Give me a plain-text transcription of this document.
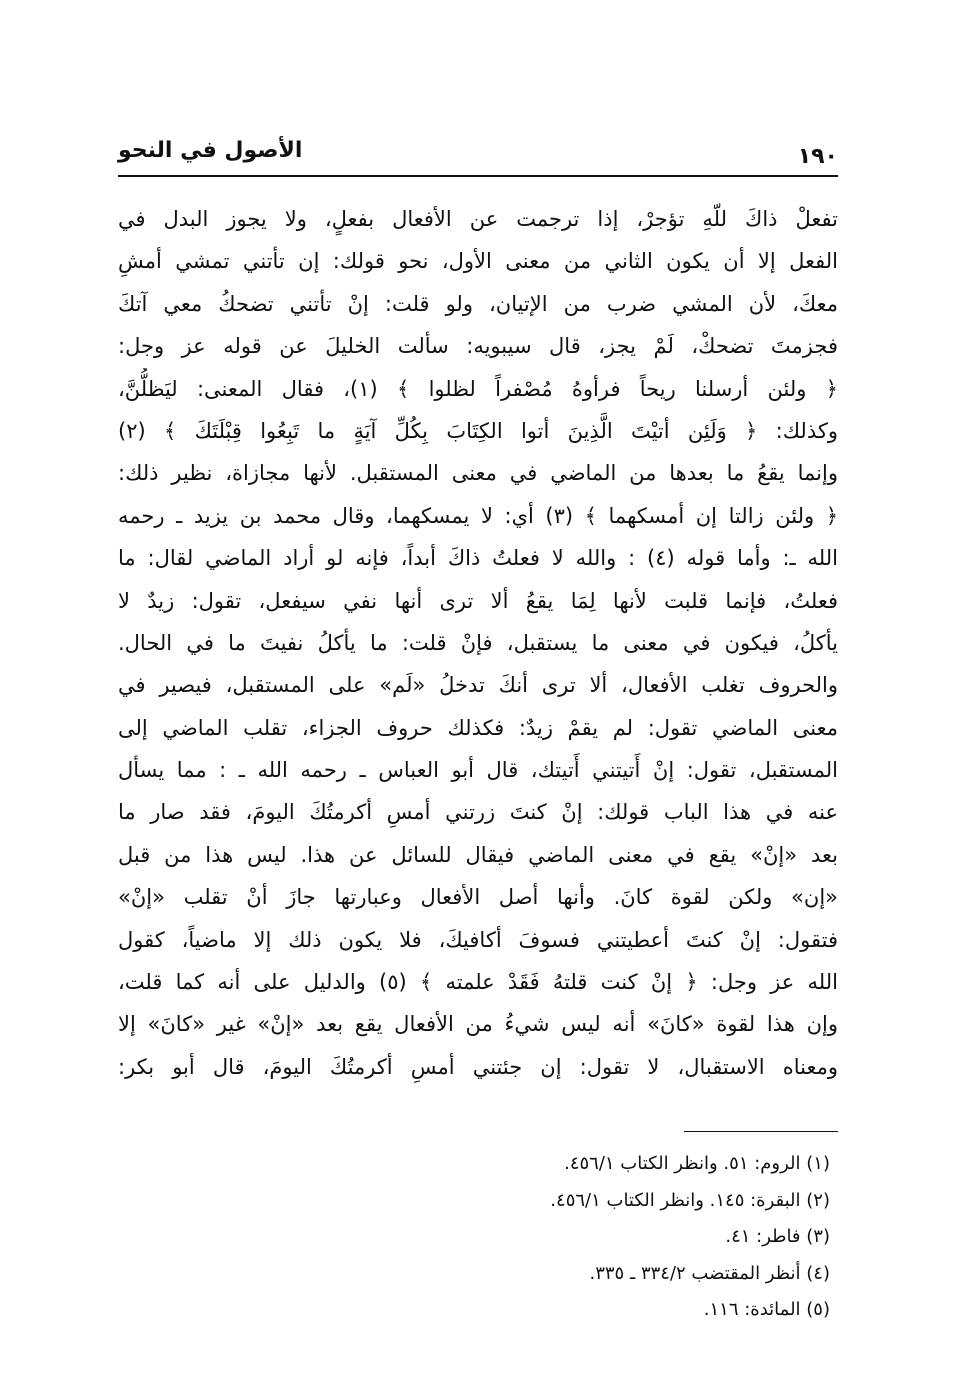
الأصول في النحو	١٩٠
تفعلْ ذاكَ للّهِ تؤجرْ، إذا ترجمت عن الأفعال بفعلٍ، ولا يجوز البدل في
الفعل إلا أن يكون الثاني من معنى الأول، نحو قولك: إن تأتني تمشي أمشِ
معكَ، لأن المشي ضرب من الإتيان، ولو قلت: إنْ تأتني تضحكُ معي آتكَ
فجزمتَ تضحكْ، لَمْ يجز، قال سيبويه: سألت الخليلَ عن قوله عز وجل:
﴿ ولئن أرسلنا ريحاً فرأوهُ مُصْفراً لظلوا ﴾ (١)، فقال المعنى: ليَظلُّنَّ،
وكذلك: ﴿ وَلَئِن أتيْتَ الَّذِينَ أتوا الكِتَابَ بِكُلِّ آيَةٍ ما تَبِعُوا قِبْلَتَكَ ﴾ (٢)
وإنما يقعُ ما بعدها من الماضي في معنى المستقبل. لأنها مجازاة، نظير ذلك:
﴿ ولئن زالتا إن أمسكهما ﴾ (٣) أي: لا يمسكهما، وقال محمد بن يزيد ـ رحمه
الله ـ: وأما قوله (٤) : والله لا فعلتُ ذاكَ أبداً، فإنه لو أراد الماضي لقال: ما
فعلتُ، فإنما قلبت لأنها لِمَا يقعُ ألا ترى أنها نفي سيفعل، تقول: زيدٌ لا
يأكلُ، فيكون في معنى ما يستقبل، فإنْ قلت: ما يأكلُ نفيتَ ما في الحال.
والحروف تغلب الأفعال، ألا ترى أنكَ تدخلُ «لَم» على المستقبل، فيصير في
معنى الماضي تقول: لم يقمْ زيدٌ: فكذلك حروف الجزاء، تقلب الماضي إلى
المستقبل، تقول: إنْ أَتيتني أَتيتك، قال أبو العباس ـ رحمه الله ـ : مما يسأل
عنه في هذا الباب قولك: إنْ كنتَ زرتني أمسِ أكرمتُكَ اليومَ، فقد صار ما
بعد «إنْ» يقع في معنى الماضي فيقال للسائل عن هذا. ليس هذا من قبل
«إن» ولكن لقوة كانَ. وأنها أصل الأفعال وعبارتها جازَ أنْ تقلب «إنْ»
فتقول: إنْ كنتَ أعطيتني فسوفَ أكافيكَ، فلا يكون ذلك إلا ماضياً، كقول
الله عز وجل: ﴿ إنْ كنت قلتهُ فَقَدْ علمته ﴾ (٥) والدليل على أنه كما قلت،
وإن هذا لقوة «كانَ» أنه ليس شيءُ من الأفعال يقع بعد «إنْ» غير «كانَ» إلا
ومعناه الاستقبال، لا تقول: إن جئتني أمسِ أكرمتُكَ اليومَ، قال أبو بكر:
(١) الروم: ٥١. وانظر الكتاب ٤٥٦/١.
(٢) البقرة: ١٤٥. وانظر الكتاب ٤٥٦/١.
(٣) فاطر: ٤١.
(٤) أنظر المقتضب ٣٣٤/٢ ـ ٣٣٥.
(٥) المائدة: ١١٦.
